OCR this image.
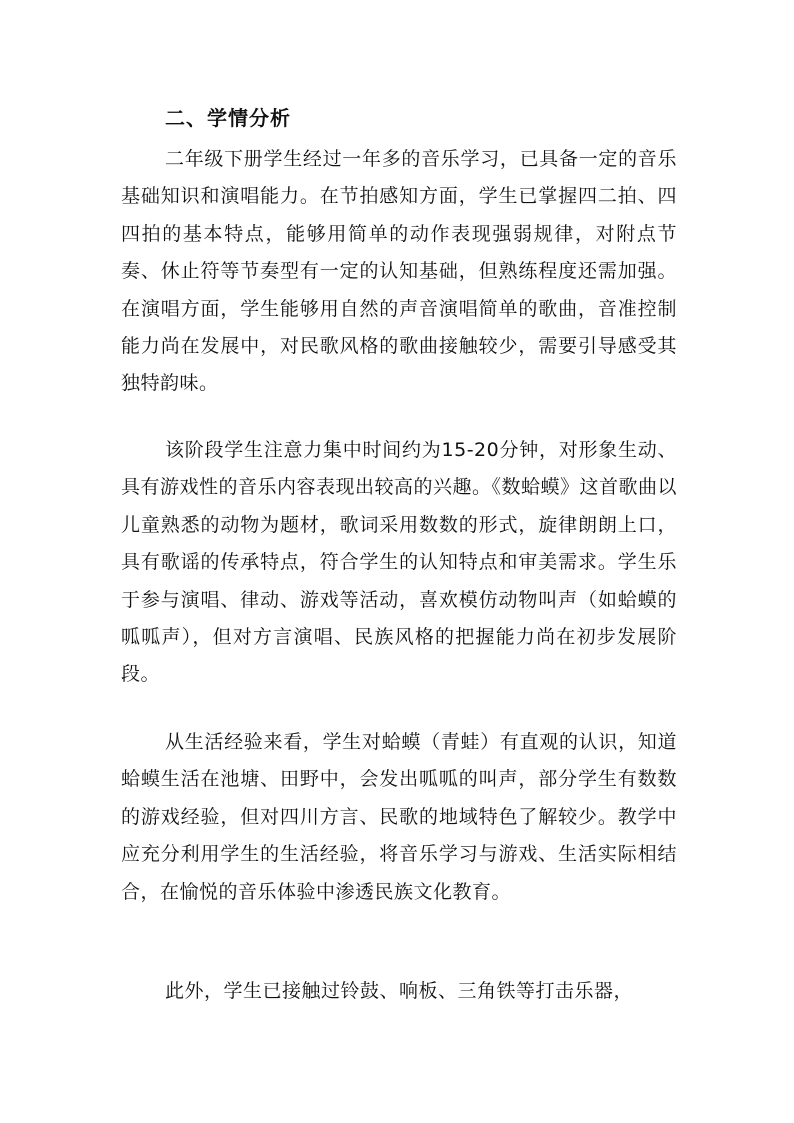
二、学情分析

二年级下册学生经过一年多的音乐学习，已具备一定的音乐基础知识和演唱能力。在节拍感知方面，学生已掌握四二拍、四四拍的基本特点，能够用简单的动作表现强弱规律，对附点节奏、休止符等节奏型有一定的认知基础，但熟练程度还需加强。在演唱方面，学生能够用自然的声音演唱简单的歌曲，音准控制能力尚在发展中，对民歌风格的歌曲接触较少，需要引导感受其独特韵味。

该阶段学生注意力集中时间约为15-20分钟，对形象生动、具有游戏性的音乐内容表现出较高的兴趣。《数蛤蟆》这首歌曲以儿童熟悉的动物为题材，歌词采用数数的形式，旋律朗朗上口，具有歌谣的传承特点，符合学生的认知特点和审美需求。学生乐于参与演唱、律动、游戏等活动，喜欢模仿动物叫声（如蛤蟆的呱呱声），但对方言演唱、民族风格的把握能力尚在初步发展阶段。

从生活经验来看，学生对蛤蟆（青蛙）有直观的认识，知道蛤蟆生活在池塘、田野中，会发出呱呱的叫声，部分学生有数数的游戏经验，但对四川方言、民歌的地域特色了解较少。教学中应充分利用学生的生活经验，将音乐学习与游戏、生活实际相结合，在愉悦的音乐体验中渗透民族文化教育。

此外，学生已接触过铃鼓、响板、三角铁等打击乐器，
